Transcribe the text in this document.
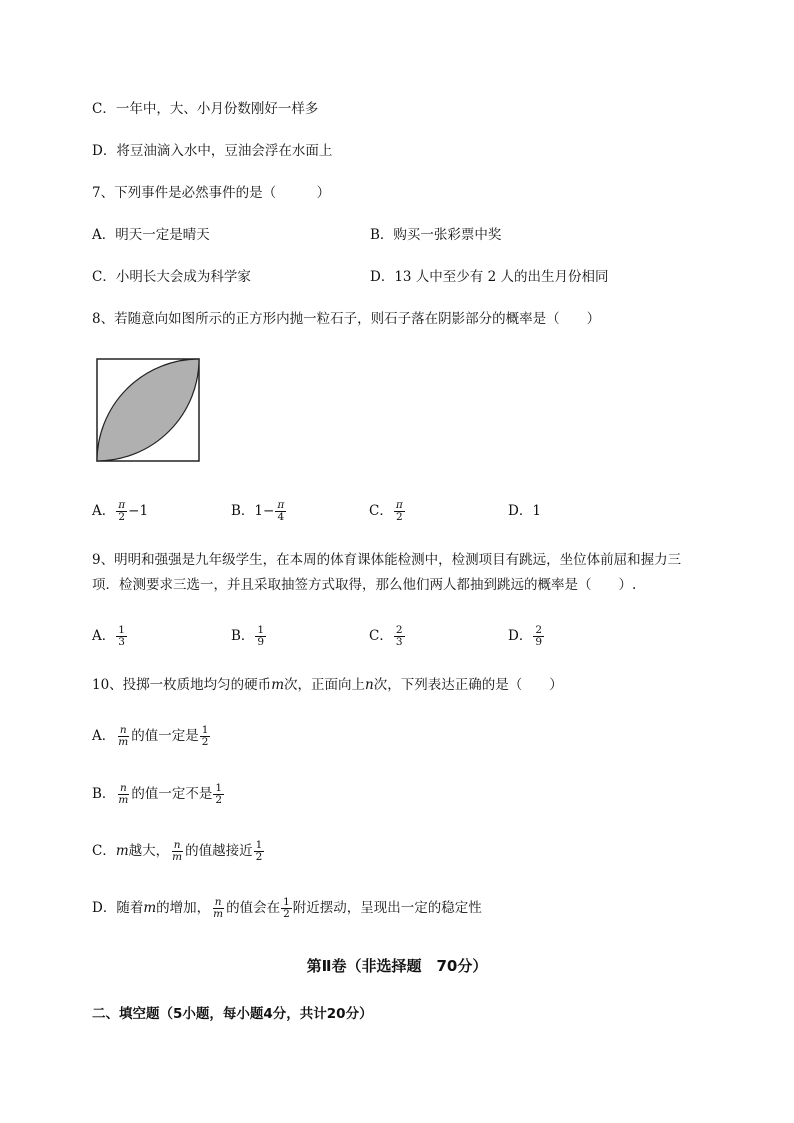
C．一年中，大、小月份数刚好一样多
D．将豆油滴入水中，豆油会浮在水面上
7、下列事件是必然事件的是（　　　）
A．明天一定是晴天	B．购买一张彩票中奖
C．小明长大会成为科学家	D．13 人中至少有 2 人的出生月份相同
8、若随意向如图所示的正方形内抛一粒石子，则石子落在阴影部分的概率是（　　）
A． $\frac{\pi}{2} -1$	B．$1- \frac{\pi}{4}$	C． $\frac{\pi}{2}$	D．1
9、明明和强强是九年级学生，在本周的体育课体能检测中，检测项目有跳远，坐位体前屈和握力三
项．检测要求三选一，并且采取抽签方式取得，那么他们两人都抽到跳远的概率是（　　）.
A． $\frac{1}{3}$	B． $\frac{1}{9}$	C． $\frac{2}{3}$	D． $\frac{2}{9}$
10、投掷一枚质地均匀的硬币m次，正面向上n次，下列表达正确的是（　　）
A． $\frac{n}{m}$ 的值一定是 $\frac{1}{2}$
B． $\frac{n}{m}$ 的值一定不是 $\frac{1}{2}$
C．m越大， $\frac{n}{m}$ 的值越接近 $\frac{1}{2}$
D．随着m的增加， $\frac{n}{m}$ 的值会在 $\frac{1}{2}$ 附近摆动，呈现出一定的稳定性
第Ⅱ卷（非选择题　70分）
二、填空题（5小题，每小题4分，共计20分）
